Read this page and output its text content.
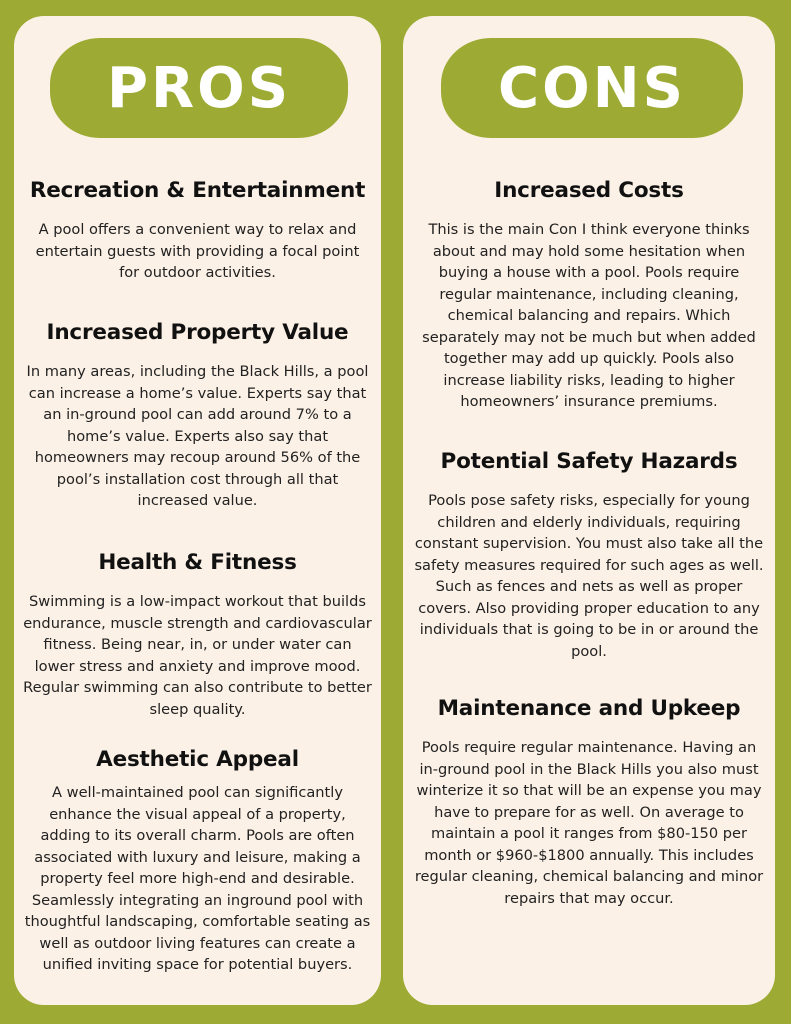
PROS
Recreation & Entertainment

A pool offers a convenient way to relax and entertain guests with providing a focal point for outdoor activities.

Increased Property Value

In many areas, including the Black Hills, a pool can increase a home’s value. Experts say that an in-ground pool can add around 7% to a home’s value. Experts also say that homeowners may recoup around 56% of the pool’s installation cost through all that increased value.

Health & Fitness

Swimming is a low-impact workout that builds endurance, muscle strength and cardiovascular fitness. Being near, in, or under water can lower stress and anxiety and improve mood. Regular swimming can also contribute to better sleep quality.

Aesthetic Appeal

A well-maintained pool can significantly enhance the visual appeal of a property, adding to its overall charm. Pools are often associated with luxury and leisure, making a property feel more high-end and desirable. Seamlessly integrating an inground pool with thoughtful landscaping, comfortable seating as well as outdoor living features can create a unified inviting space for potential buyers.

CONS
Increased Costs

This is the main Con I think everyone thinks about and may hold some hesitation when buying a house with a pool. Pools require regular maintenance, including cleaning, chemical balancing and repairs. Which separately may not be much but when added together may add up quickly. Pools also increase liability risks, leading to higher homeowners’ insurance premiums.

Potential Safety Hazards

Pools pose safety risks, especially for young children and elderly individuals, requiring constant supervision. You must also take all the safety measures required for such ages as well. Such as fences and nets as well as proper covers. Also providing proper education to any individuals that is going to be in or around the pool.

Maintenance and Upkeep

Pools require regular maintenance. Having an in-ground pool in the Black Hills you also must winterize it so that will be an expense you may have to prepare for as well. On average to maintain a pool it ranges from $80-150 per month or $960-$1800 annually. This includes regular cleaning, chemical balancing and minor repairs that may occur.
